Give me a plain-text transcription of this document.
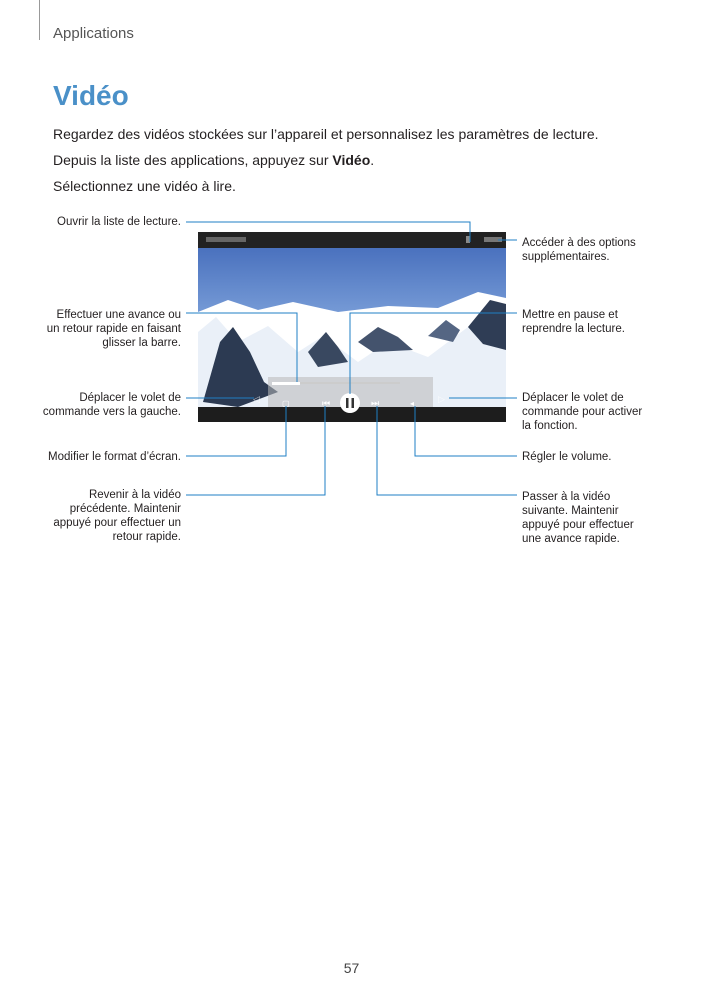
Applications
Vidéo
Regardez des vidéos stockées sur l’appareil et personnalisez les paramètres de lecture.
Depuis la liste des applications, appuyez sur Vidéo.
Sélectionnez une vidéo à lire.
⏮	⏭
▢	◂
◁	▷
Ouvrir la liste de lecture.
Effectuer une avance ou un retour rapide en faisant glisser la barre.
Déplacer le volet de commande vers la gauche.
Modifier le format d’écran.
Revenir à la vidéo précédente. Maintenir appuyé pour effectuer un retour rapide.
Accéder à des options supplémentaires.
Mettre en pause et reprendre la lecture.
Déplacer le volet de commande pour activer la fonction.
Régler le volume.
Passer à la vidéo suivante. Maintenir appuyé pour effectuer une avance rapide.
57
